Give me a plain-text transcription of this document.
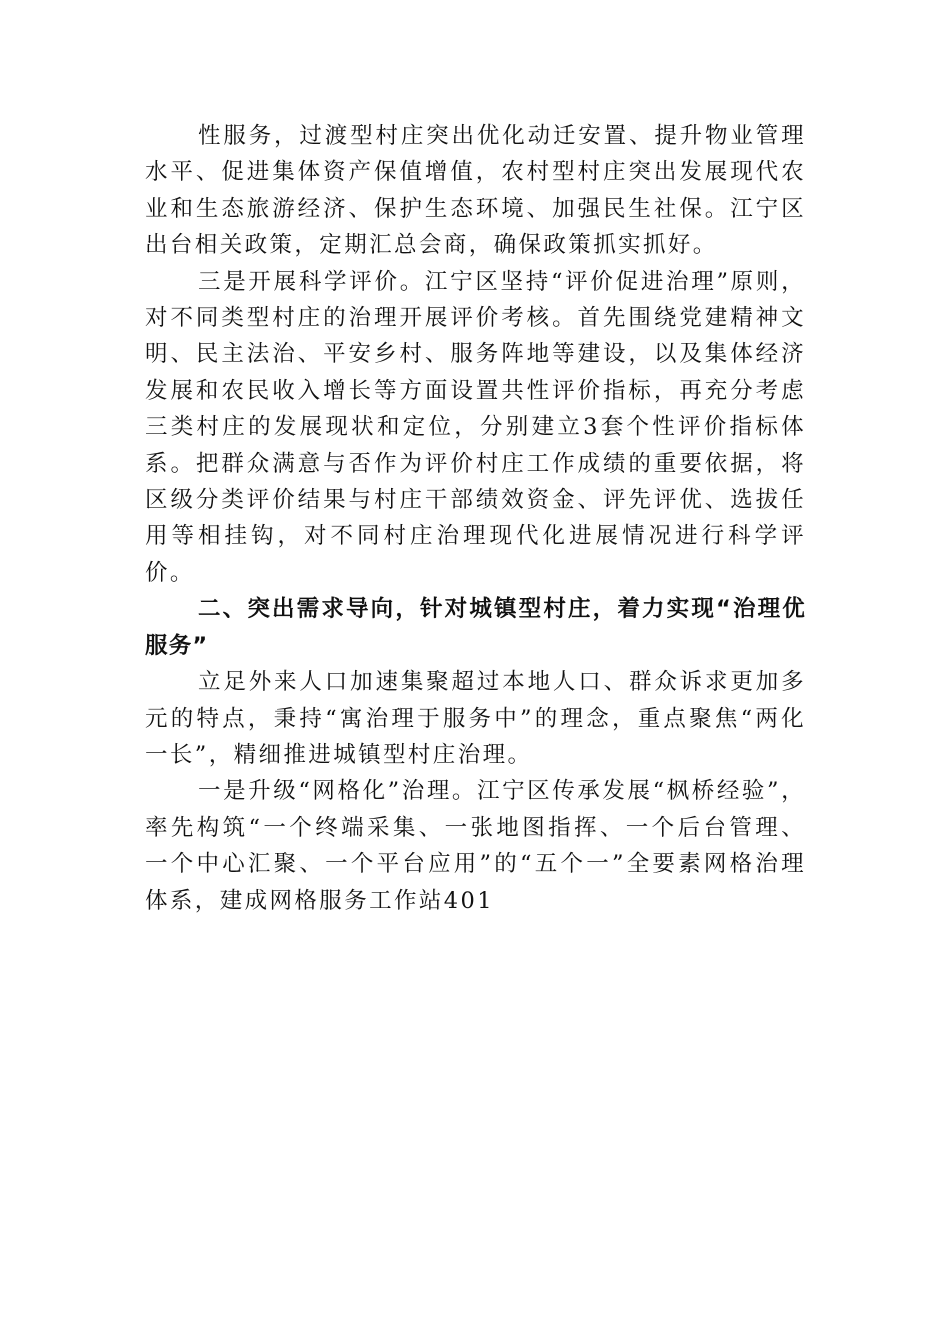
性服务，过渡型村庄突出优化动迁安置、提升物业管理水平、促进集体资产保值增值，农村型村庄突出发展现代农业和生态旅游经济、保护生态环境、加强民生社保。江宁区出台相关政策，定期汇总会商，确保政策抓实抓好。

三是开展科学评价。江宁区坚持“评价促进治理”原则，对不同类型村庄的治理开展评价考核。首先围绕党建精神文明、民主法治、平安乡村、服务阵地等建设，以及集体经济发展和农民收入增长等方面设置共性评价指标，再充分考虑三类村庄的发展现状和定位，分别建立3套个性评价指标体系。把群众满意与否作为评价村庄工作成绩的重要依据，将区级分类评价结果与村庄干部绩效资金、评先评优、选拔任用等相挂钩，对不同村庄治理现代化进展情况进行科学评价。

二、突出需求导向，针对城镇型村庄，着力实现“治理优服务”

立足外来人口加速集聚超过本地人口、群众诉求更加多元的特点，秉持“寓治理于服务中”的理念，重点聚焦“两化一长”，精细推进城镇型村庄治理。

一是升级“网格化”治理。江宁区传承发展“枫桥经验”，率先构筑“一个终端采集、一张地图指挥、一个后台管理、一个中心汇聚、一个平台应用”的“五个一”全要素网格治理体系，建成网格服务工作站401
